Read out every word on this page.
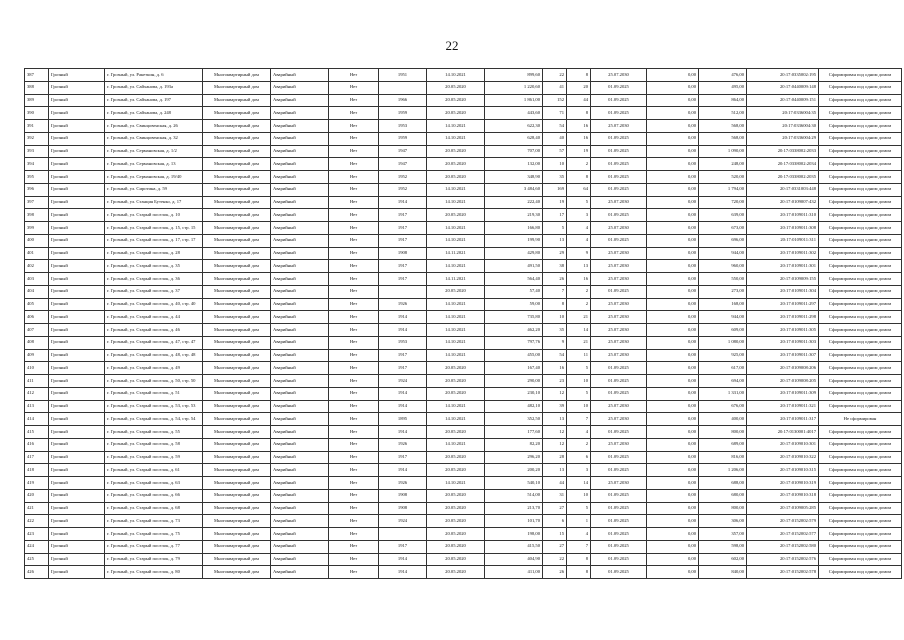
22
387	Грозный	г. Грозный, ул. Ракеткин, д. 6	Многоквартирный дом	Аварийный	Нет	1951	14.10.2021	899,60	22	8	25.07.2030	0,00	476,00	20:17:0335002:195	Сформирован под одним домом
388	Грозный	г. Грозный, ул. Сайханова, д. 193а	Многоквартирный дом	Аварийный	Нет		20.05.2020	1 220,60	41	20	01.09.2025	0,00	495,00	20:17:0440009:148	Сформирован под одним домом
389	Грозный	г. Грозный, ул. Сайханова, д. 197	Многоквартирный дом	Аварийный	Нет	1966	20.05.2020	1 861,00	152	44	01.09.2025	0,00	864,00	20:17:0440009:151	Сформирован под одним домом
390	Грозный	г. Грозный, ул. Сайханова, д. 248	Многоквартирный дом	Аварийный	Нет	1959	20.05.2020	443,60	71	8	01.09.2025	0,00	512,00	20:17:0336004:35	Сформирован под одним домом
391	Грозный	г. Грозный, ул. Свинцовенская, д. 26	Многоквартирный дом	Аварийный	Нет	1953	14.10.2021	622,30	54	16	25.07.2030	0,00	568,00	20:17:0336004:30	Сформирован под одним домом
392	Грозный	г. Грозный, ул. Свинцовенская, д. 32	Многоквартирный дом	Аварийный	Нет	1959	14.10.2021	628,40	40	16	01.09.2025	0,00	568,00	20:17:0336004:29	Сформирован под одним домом
393	Грозный	г. Грозный, ул. Сермановская, д. 1/2	Многоквартирный дом	Аварийный	Нет	1947	20.05.2020	707,00	57	19	01.09.2025	0,00	1 090,00	20:17:0338002:2033	Сформирован под одним домом
394	Грозный	г. Грозный, ул. Сермановская, д. 13	Многоквартирный дом	Аварийный	Нет	1947	20.05.2020	132,00	10	2	01.09.2025	0,00	248,00	20:17:0338002:2034	Сформирован под одним домом
395	Грозный	г. Грозный, ул. Сермановская, д. 19/40	Многоквартирный дом	Аварийный	Нет	1952	20.05.2020	348,90	35	8	01.09.2025	0,00	520,00	20:17:0338002:2035	Сформирован под одним домом
396	Грозный	г. Грозный, ул. Сиротина, д. 59	Многоквартирный дом	Аварийный	Нет	1952	14.10.2021	3 484,60	169	64	01.09.2025	0,00	1 794,00	20:17:0331003:448	Сформирован под одним домом
397	Грозный	г. Грозный, ул. Станция Бутенко, д. 17	Многоквартирный дом	Аварийный	Нет	1914	14.10.2021	222,40	19	5	25.07.2030	0,00	720,00	20:17:0109007:432	Сформирован под одним домом
398	Грозный	г. Грозный, ул. Старый поселок, д. 10	Многоквартирный дом	Аварийный	Нет	1917	20.05.2020	219,30	17	3	01.09.2025	0,00	639,00	20:17:0109011:310	Сформирован под одним домом
399	Грозный	г. Грозный, ул. Старый поселок, д. 15, стр. 15	Многоквартирный дом	Аварийный	Нет	1917	14.10.2021	166,80	5	4	25.07.2030	0,00	673,00	20:17:0109011:308	Сформирован под одним домом
400	Грозный	г. Грозный, ул. Старый поселок, д. 17, стр. 17	Многоквартирный дом	Аварийный	Нет	1917	14.10.2021	199,90	13	4	01.09.2025	0,00	696,00	20:17:0109011:311	Сформирован под одним домом
401	Грозный	г. Грозный, ул. Старый поселок, д. 28	Многоквартирный дом	Аварийный	Нет	1908	14.11.2021	429,80	29	9	25.07.2030	0,00	944,00	20:17:0109011:302	Сформирован под одним домом
402	Грозный	г. Грозный, ул. Старый поселок, д. 35	Многоквартирный дом	Аварийный	Нет	1917	14.10.2021	491,50	38	13	25.07.2030	0,00	960,00	20:17:0109011:301	Сформирован под одним домом
403	Грозный	г. Грозный, ул. Старый поселок, д. 36	Многоквартирный дом	Аварийный	Нет	1917	14.11.2021	564,40	26	16	25.07.2030	0,00	550,00	20:17:0109009:155	Сформирован под одним домом
404	Грозный	г. Грозный, ул. Старый поселок, д. 37	Многоквартирный дом	Аварийный	Нет		20.05.2020	57,40	7	2	01.09.2025	0,00	273,00	20:17:0109011:304	Сформирован под одним домом
405	Грозный	г. Грозный, ул. Старый поселок, д. 40, стр. 40	Многоквартирный дом	Аварийный	Нет	1926	14.10.2021	59,00	8	2	25.07.2030	0,00	168,00	20:17:0109011:297	Сформирован под одним домом
406	Грозный	г. Грозный, ул. Старый поселок, д. 44	Многоквартирный дом	Аварийный	Нет	1914	14.10.2021	735,80	10	21	25.07.2030	0,00	944,00	20:17:0109011:298	Сформирован под одним домом
407	Грозный	г. Грозный, ул. Старый поселок, д. 46	Многоквартирный дом	Аварийный	Нет	1914	14.10.2021	462,20	35	14	25.07.2030	0,00	609,00	20:17:0109011:305	Сформирован под одним домом
408	Грозный	г. Грозный, ул. Старый поселок, д. 47, стр. 47	Многоквартирный дом	Аварийный	Нет	1953	14.10.2021	797,76	9	21	25.07.2030	0,00	1 080,00	20:17:0109011:303	Сформирован под одним домом
409	Грозный	г. Грозный, ул. Старый поселок, д. 48, стр. 48	Многоквартирный дом	Аварийный	Нет	1917	14.10.2021	455,00	54	11	25.07.2030	0,00	925,00	20:17:0109011:307	Сформирован под одним домом
410	Грозный	г. Грозный, ул. Старый поселок, д. 49	Многоквартирный дом	Аварийный	Нет	1917	20.05.2020	167,40	16	5	01.09.2025	0,00	617,00	20:17:0109008:206	Сформирован под одним домом
411	Грозный	г. Грозный, ул. Старый поселок, д. 50, стр. 50	Многоквартирный дом	Аварийный	Нет	1924	20.05.2020	290,00	23	10	01.09.2025	0,00	694,00	20:17:0109008:205	Сформирован под одним домом
412	Грозный	г. Грозный, ул. Старый поселок, д. 51	Многоквартирный дом	Аварийный	Нет	1914	20.05.2020	230,10	12	5	01.09.2025	0,00	1 331,00	20:17:0109011:309	Сформирован под одним домом
413	Грозный	г. Грозный, ул. Старый поселок, д. 53, стр. 53	Многоквартирный дом	Аварийный	Нет	1914	14.10.2021	482,10	39	10	25.07.2030	0,00	676,00	20:17:0109011:321	Сформирован под одним домом
414	Грозный	г. Грозный, ул. Старый поселок, д. 54, стр. 54	Многоквартирный дом	Аварийный	Нет	1895	14.10.2021	352,50	13	7	25.07.2030	0,00	400,00	20:17:0109011:317	Не сформирован
415	Грозный	г. Грозный, ул. Старый поселок, д. 55	Многоквартирный дом	Аварийный	Нет	1914	20.05.2020	177,60	12	4	01.09.2025	0,00	800,00	20:17:0130001:4017	Сформирован под одним домом
416	Грозный	г. Грозный, ул. Старый поселок, д. 58	Многоквартирный дом	Аварийный	Нет	1926	14.10.2021	82,20	12	2	25.07.2030	0,00	689,00	20:17:0109010:301	Сформирован под одним домом
417	Грозный	г. Грозный, ул. Старый поселок, д. 59	Многоквартирный дом	Аварийный	Нет	1917	20.05.2020	296,20	28	6	01.09.2025	0,00	816,00	20:17:0109010:322	Сформирован под одним домом
418	Грозный	г. Грозный, ул. Старый поселок, д. 61	Многоквартирный дом	Аварийный	Нет	1914	20.05.2020	200,20	13	3	01.09.2025	0,00	1 206,00	20:17:0109010:315	Сформирован под одним домом
419	Грозный	г. Грозный, ул. Старый поселок, д. 63	Многоквартирный дом	Аварийный	Нет	1926	14.10.2021	540,10	44	14	25.07.2030	0,00	688,00	20:17:0109010:319	Сформирован под одним домом
420	Грозный	г. Грозный, ул. Старый поселок, д. 66	Многоквартирный дом	Аварийный	Нет	1908	20.05.2020	514,00	31	10	01.09.2025	0,00	680,00	20:17:0109010:318	Сформирован под одним домом
421	Грозный	г. Грозный, ул. Старый поселок, д. 68	Многоквартирный дом	Аварийный	Нет	1908	20.05.2020	213,70	27	5	01.09.2025	0,00	800,00	20:17:0109005:285	Сформирован под одним домом
422	Грозный	г. Грозный, ул. Старый поселок, д. 73	Многоквартирный дом	Аварийный	Нет	1924	20.05.2020	101,70	6	1	01.09.2025	0,00	306,00	20:17:0152002:579	Сформирован под одним домом
423	Грозный	г. Грозный, ул. Старый поселок, д. 75	Многоквартирный дом	Аварийный	Нет		20.05.2020	198,00	15	4	01.09.2025	0,00	357,00	20:17:0152002:577	Сформирован под одним домом
424	Грозный	г. Грозный, ул. Старый поселок, д. 77	Многоквартирный дом	Аварийный	Нет	1917	20.05.2020	415,50	27	7	01.09.2025	0,00	598,00	20:17:0152002:580	Сформирован под одним домом
425	Грозный	г. Грозный, ул. Старый поселок, д. 79	Многоквартирный дом	Аварийный	Нет	1914	20.05.2020	404,90	22	8	01.09.2025	0,00	602,00	20:17:0152002:576	Сформирован под одним домом
426	Грозный	г. Грозный, ул. Старый поселок, д. 80	Многоквартирный дом	Аварийный	Нет	1914	20.05.2020	411,00	26	8	01.09.2025	0,00	840,00	20:17:0152002:578	Сформирован под одним домом
